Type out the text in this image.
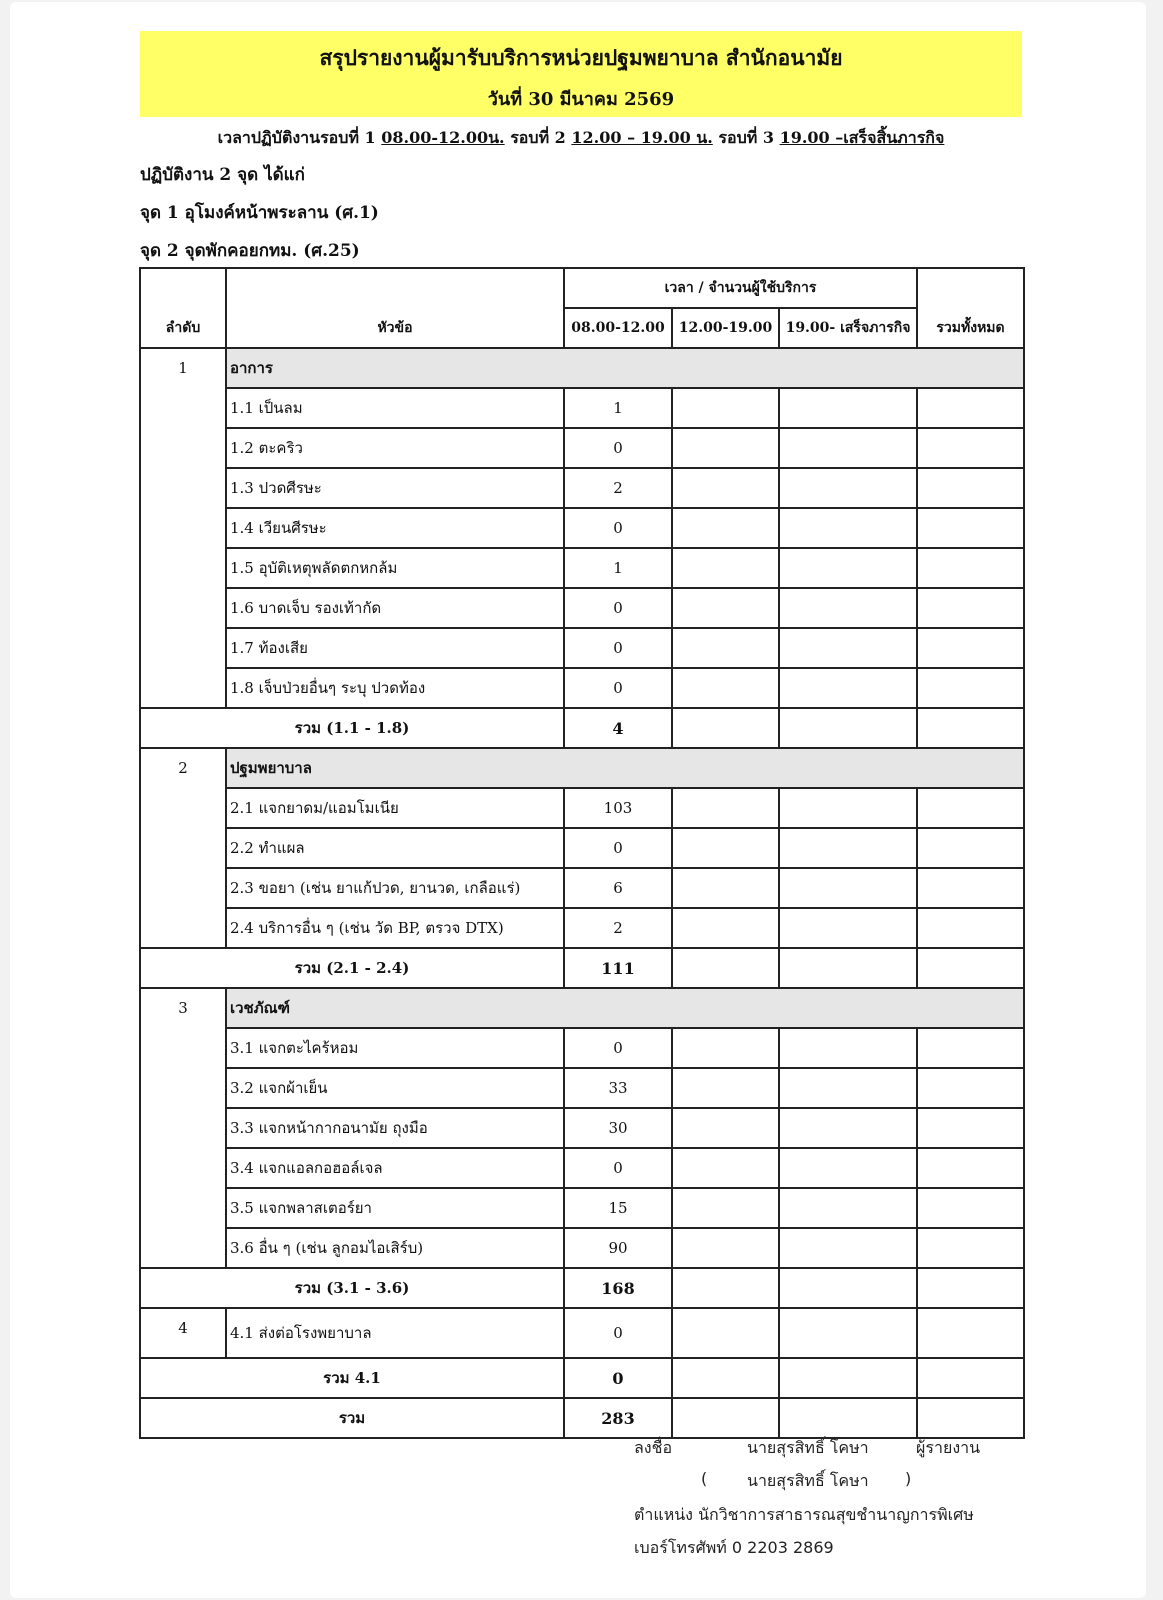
สรุปรายงานผู้มารับบริการหน่วยปฐมพยาบาล สำนักอนามัย
วันที่ 30 มีนาคม 2569
เวลาปฏิบัติงานรอบที่ 1 08.00-12.00น. รอบที่ 2 12.00 – 19.00 น. รอบที่ 3 19.00 –เสร็จสิ้นภารกิจ
ปฏิบัติงาน 2 จุด ได้แก่
จุด 1 อุโมงค์หน้าพระลาน (ศ.1)
จุด 2 จุดพักคอยกทม. (ศ.25)
ลำดับ	หัวข้อ	เวลา / จำนวนผู้ใช้บริการ			รวมทั้งหมด
		08.00-12.00	12.00-19.00	19.00- เสร็จภารกิจ	
1	อาการ				
	1.1 เป็นลม	1			
	1.2 ตะคริว	0			
	1.3 ปวดศีรษะ	2			
	1.4 เวียนศีรษะ	0			
	1.5 อุบัติเหตุพลัดตกหกล้ม	1			
	1.6 บาดเจ็บ รองเท้ากัด	0			
	1.7 ท้องเสีย	0			
	1.8 เจ็บป่วยอื่นๆ ระบุ ปวดท้อง	0			
รวม (1.1 - 1.8)		4			
2	ปฐมพยาบาล				
	2.1 แจกยาดม/แอมโมเนีย	103			
	2.2 ทำแผล	0			
	2.3 ขอยา (เช่น ยาแก้ปวด, ยานวด, เกลือแร่)	6			
	2.4 บริการอื่น ๆ (เช่น วัด BP, ตรวจ DTX)	2			
รวม (2.1 - 2.4)		111			
3	เวชภัณฑ์				
	3.1 แจกตะไคร้หอม	0			
	3.2 แจกผ้าเย็น	33			
	3.3 แจกหน้ากากอนามัย ถุงมือ	30			
	3.4 แจกแอลกอฮอล์เจล	0			
	3.5 แจกพลาสเตอร์ยา	15			
	3.6 อื่น ๆ (เช่น ลูกอมไอเสิร์บ)	90			
รวม (3.1 - 3.6)		168			
4	4.1 ส่งต่อโรงพยาบาล	0			
รวม 4.1		0			
รวม		283			
ลงชื่อ	นายสุรสิทธิ์ โคษา	ผู้รายงาน
( นายสุรสิทธิ์ โคษา )
ตำแหน่ง นักวิชาการสาธารณสุขชำนาญการพิเศษ
เบอร์โทรศัพท์ 0 2203 2869
